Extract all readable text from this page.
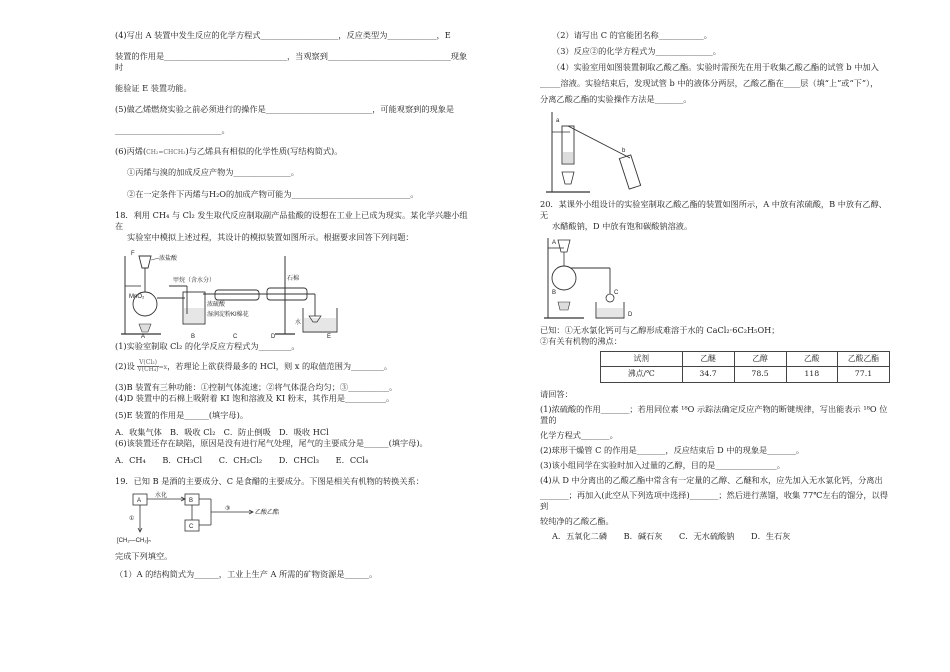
(4)写出 A 装置中发生反应的化学方程式___________________，反应类型为____________，E

装置的作用是______________________________，当观察到______________________________现象时

能验证 E 装置功能。

(5)做乙烯燃烧实验之前必须进行的操作是__________________________，可能观察到的现象是

__________________________。

(6)丙烯(CH₂=CHCH₃)与乙烯具有相似的化学性质(写结构简式)。

①丙烯与溴的加成反应产物为______________。

②在一定条件下丙烯与H₂O的加成产物可能为_____________________________。

18．利用 CH₄ 与 Cl₂ 发生取代反应制取副产品盐酸的设想在工业上已成为现实。某化学兴趣小组在

实验室中模拟上述过程，其设计的模拟装置如图所示。根据要求回答下列问题：

F
浓盐酸
MnO₂
甲烷（含水分）
浓硫酸
湿润淀粉KI棉花
石棉
水
A	B	C	D	E

(1)实验室制取 Cl₂ 的化学反应方程式为________。

(2)设 $\frac{\text{V(Cl₂)}}{\text{V(CH₄)}} =x$，若理论上欲获得最多的 HCl，则 x 的取值范围为________。

(3)B 装置有三种功能：①控制气体流速；②将气体混合均匀；③__________。

(4)D 装置中的石棉上吸附着 KI 饱和溶液及 KI 粉末，其作用是__________。

(5)E 装置的作用是______(填字母)。

A．收集气体　B．吸收 Cl₂　C．防止倒吸　D．吸收 HCl

(6)该装置还存在缺陷，原因是没有进行尾气处理，尾气的主要成分是______(填字母)。

A．CH₄ B．CH₃Cl C．CH₂Cl₂ D．CHCl₃ E．CCl₄

19．已知 B 是酒的主要成分、C 是食醋的主要成分。下图是相关有机物的转换关系：

A	B
C
水化
③
乙酸乙酯
①
[CH₂—CH₂]ₙ

完成下列填空。

（1）A 的结构简式为______，工业上生产 A 所需的矿物资源是______。

（2）请写出 C 的官能团名称___________。

（3）反应②的化学方程式为______________。

（4）实验室用如图装置制取乙酸乙酯。实验时需预先在用于收集乙酸乙酯的试管 b 中加入

_____溶液。实验结束后，发现试管 b 中的液体分两层，乙酸乙酯在____层（填“上”或“下”），

分离乙酸乙酯的实验操作方法是_______。

a
b

20．某课外小组设计的实验室制取乙酸乙酯的装置如图所示，A 中放有浓硫酸，B 中放有乙醇、无

水醋酸钠，D 中放有饱和碳酸钠溶液。

A
B	C
D

已知：①无水氯化钙可与乙醇形成难溶于水的 CaCl₂·6C₂H₅OH；

②有关有机物的沸点：

试剂	乙醚	乙醇	乙酸	乙酸乙酯
沸点/℃	34.7	78.5	118	77.1

请回答：

(1)浓硫酸的作用_______；若用同位素 ¹⁸O 示踪法确定反应产物的断键规律，写出能表示 ¹⁸O 位置的

化学方程式_______。

(2)球形干燥管 C 的作用是_______，反应结束后 D 中的现象是_______。

(3)该小组同学在实验时加入过量的乙醇，目的是_______________。

(4)从 D 中分离出的乙酸乙酯中常含有一定量的乙醇、乙醚和水，应先加入无水氯化钙，分离出

_______；再加入(此空从下列选项中选择)_______；然后进行蒸馏，收集 77℃左右的馏分，以得到

较纯净的乙酸乙酯。

A．五氧化二磷 B．碱石灰 C．无水硫酸钠 D．生石灰
